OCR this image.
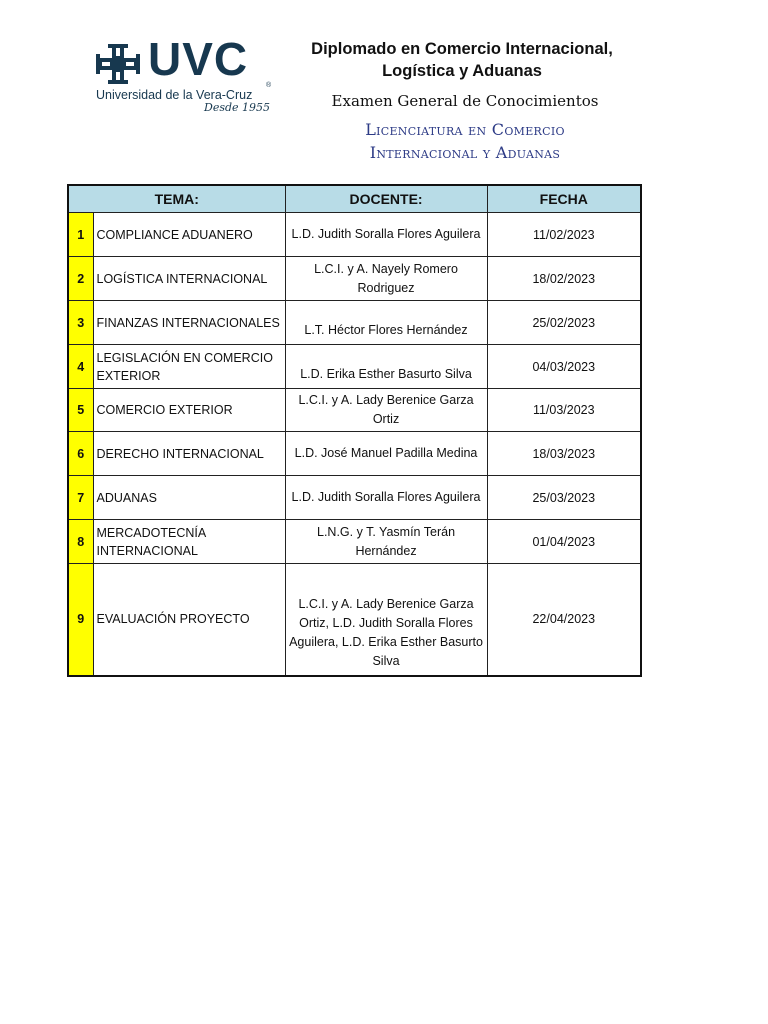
UVC
®
Universidad de la Vera-Cruz
Desde 1955
Diplomado en Comercio Internacional,
Logística y Aduanas
Examen General de Conocimientos
Licenciatura en Comercio
Internacional y Aduanas
TEMA:		DOCENTE:	FECHA
1	COMPLIANCE ADUANERO	L.D. Judith Soralla Flores Aguilera	11/02/2023
2	LOGÍSTICA INTERNACIONAL	L.C.I. y A. Nayely Romero Rodriguez	18/02/2023
3	FINANZAS INTERNACIONALES	L.T. Héctor Flores Hernández	25/02/2023
4	LEGISLACIÓN EN COMERCIO EXTERIOR	L.D. Erika Esther Basurto Silva	04/03/2023
5	COMERCIO EXTERIOR	L.C.I. y A. Lady Berenice Garza Ortiz	11/03/2023
6	DERECHO INTERNACIONAL	L.D. José Manuel Padilla Medina	18/03/2023
7	ADUANAS	L.D. Judith Soralla Flores Aguilera	25/03/2023
8	MERCADOTECNÍA INTERNACIONAL	L.N.G. y T. Yasmín Terán Hernández	01/04/2023
9	EVALUACIÓN PROYECTO	L.C.I. y A. Lady Berenice Garza Ortiz, L.D. Judith Soralla Flores Aguilera, L.D. Erika Esther Basurto Silva	22/04/2023
